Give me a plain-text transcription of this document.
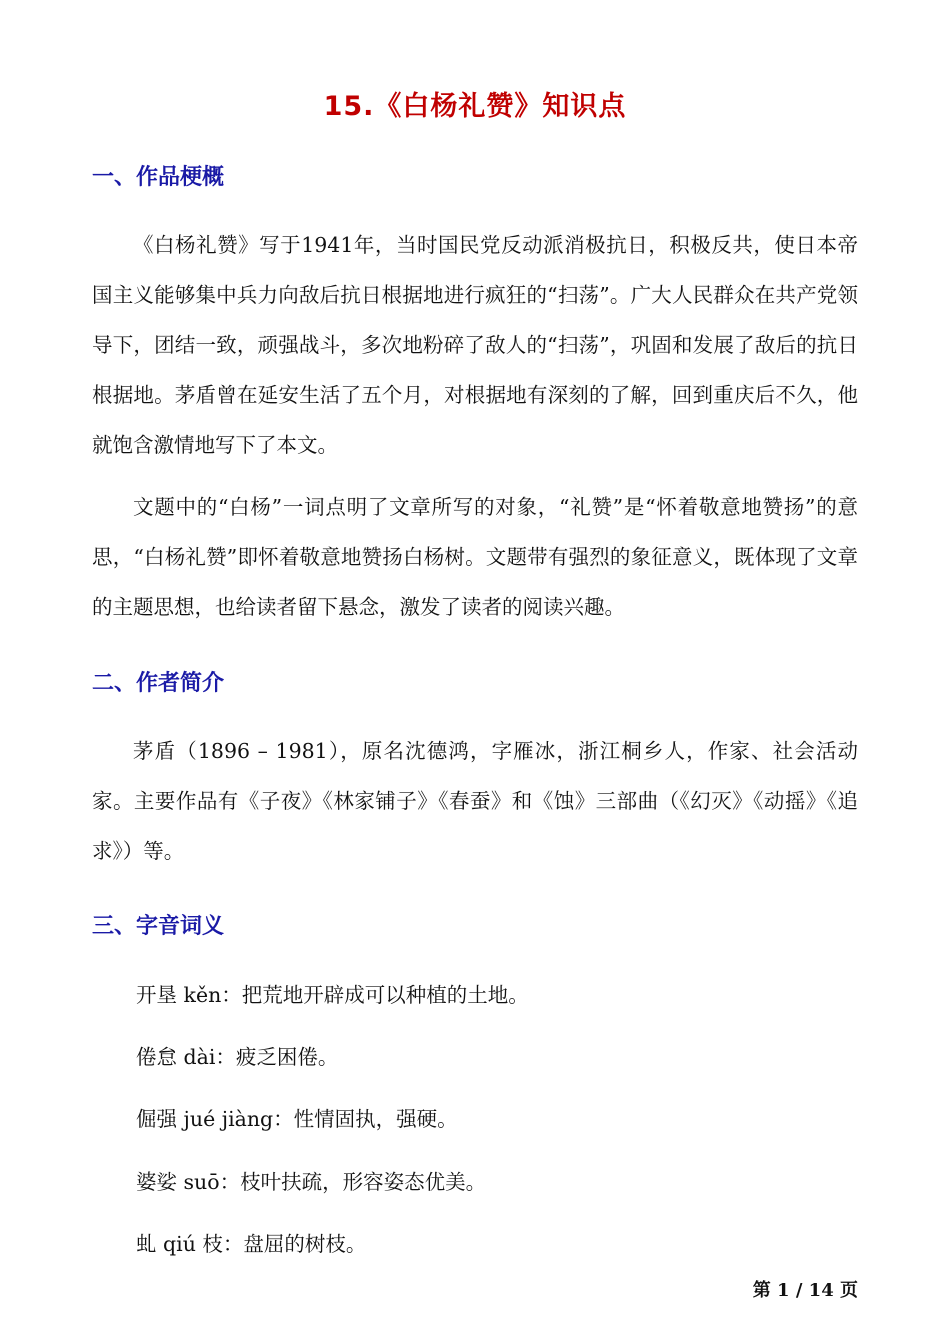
15.《白杨礼赞》知识点
一、作品梗概

《白杨礼赞》写于1941年，当时国民党反动派消极抗日，积极反共，使日本帝国主义能够集中兵力向敌后抗日根据地进行疯狂的“扫荡”。广大人民群众在共产党领导下，团结一致，顽强战斗，多次地粉碎了敌人的“扫荡”，巩固和发展了敌后的抗日根据地。茅盾曾在延安生活了五个月，对根据地有深刻的了解，回到重庆后不久，他就饱含激情地写下了本文。

文题中的“白杨”一词点明了文章所写的对象，“礼赞”是“怀着敬意地赞扬”的意思，“白杨礼赞”即怀着敬意地赞扬白杨树。文题带有强烈的象征意义，既体现了文章的主题思想，也给读者留下悬念，激发了读者的阅读兴趣。

二、作者简介

茅盾（1896 – 1981），原名沈德鸿，字雁冰，浙江桐乡人，作家、社会活动家。主要作品有《子夜》《林家铺子》《春蚕》和《蚀》三部曲（《幻灭》《动摇》《追求》）等。

三、字音词义

开垦 kěn：把荒地开辟成可以种植的土地。

倦怠 dài：疲乏困倦。

倔强 jué jiàng：性情固执，强硬。

婆娑 suō：枝叶扶疏，形容姿态优美。

虬 qiú 枝：盘屈的树枝。

第 1 / 14 页
